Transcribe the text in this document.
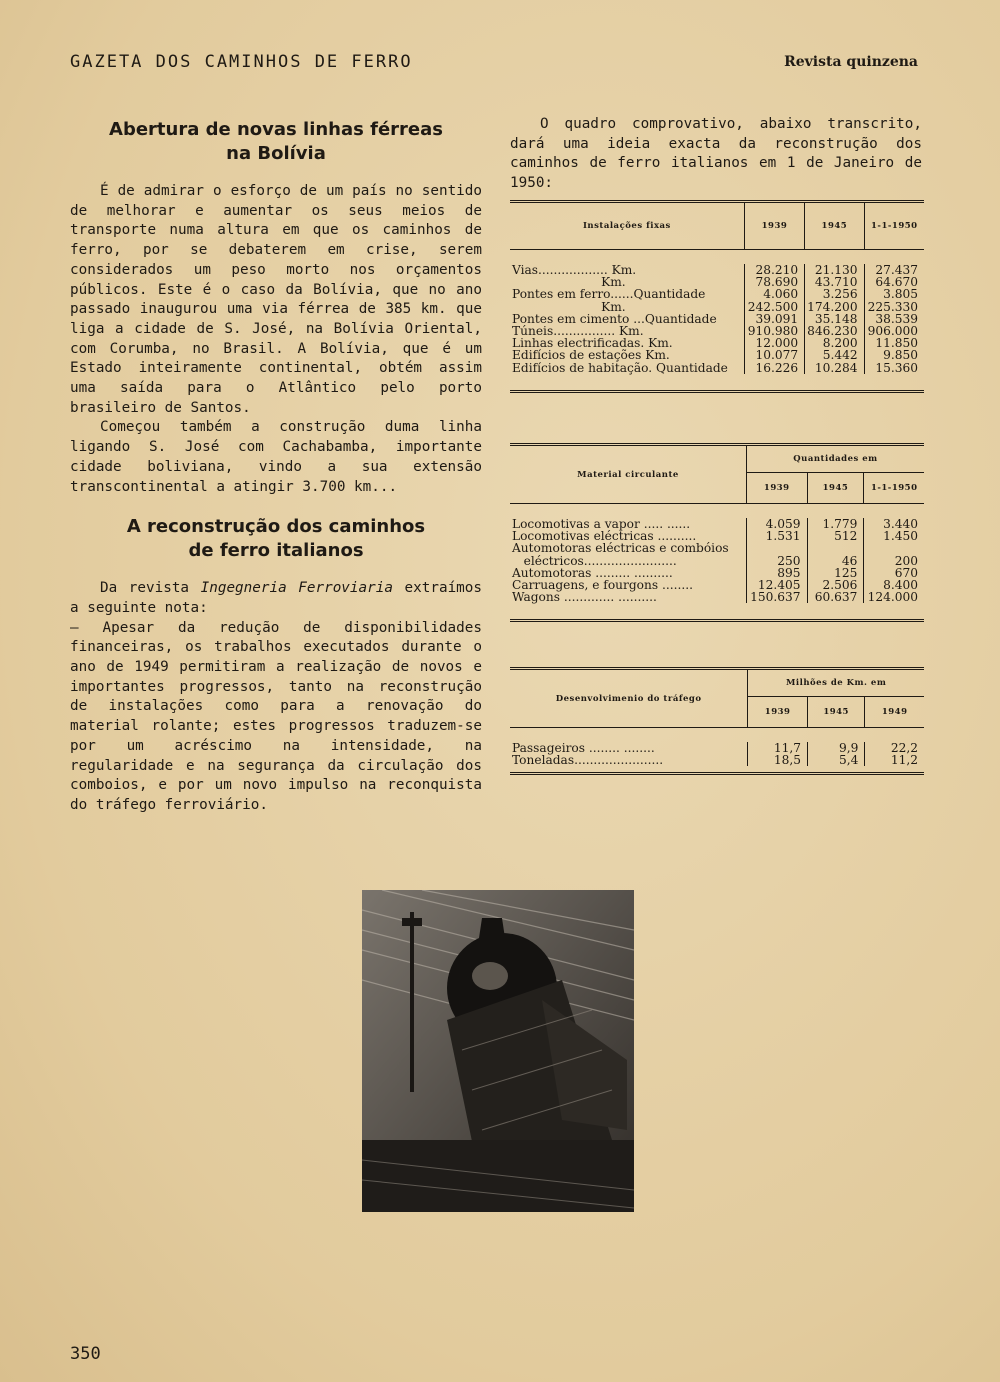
GAZETA DOS CAMINHOS DE FERRO	Revista quinzena

Abertura de novas linhas férreas

na Bolívia

É de admirar o esforço de um país no sentido de melhorar e aumentar os seus meios de transporte numa altura em que os caminhos de ferro, por se debaterem em crise, serem considerados um peso morto nos orçamentos públicos. Este é o caso da Bolívia, que no ano passado inaugurou uma via férrea de 385 km. que liga a cidade de S. José, na Bolívia Oriental, com Corumba, no Brasil. A Bolívia, que é um Estado inteiramente continental, obtém assim uma saída para o Atlântico pelo porto brasileiro de Santos.

Começou também a construção duma linha ligando S. José com Cachabamba, importante cidade boliviana, vindo a sua extensão transcontinental a atingir 3.700 km...

A reconstrução dos caminhos

de ferro italianos

Da revista Ingegneria Ferroviaria extraímos a seguinte nota:

— Apesar da redução de disponibilidades financeiras, os trabalhos executados durante o ano de 1949 permitiram a realização de novos e importantes progressos, tanto na reconstrução de instalações como para a renovação do material rolante; estes progressos traduzem-se por um acréscimo na intensidade, na regularidade e na segurança da circulação dos comboios, e por um novo impulso na reconquista do tráfego ferroviário.

O quadro comprovativo, abaixo transcrito, dará uma ideia exacta da reconstrução dos caminhos de ferro italianos em 1 de Janeiro de 1950:

Instalações fixas	1939	1945	1-1-1950

Vias.................. Km.	28.210	21.130	27.437
Km.	78.690	43.710	64.670
Pontes em ferro......Quantidade	4.060	3.256	3.805
Km.	242.500	174.200	225.330
Pontes em cimento ...Quantidade	39.091	35.148	38.539
Túneis................ Km.	910.980	846.230	906.000
Linhas electrificadas. Km.	12.000	8.200	11.850
Edifícios de estações Km.	10.077	5.442	9.850
Edifícios de habitação. Quantidade	16.226	10.284	15.360

Material circulante	Quantidades em		
	1939	1945	1-1-1950

Locomotivas a vapor ..... ......	4.059	1.779	3.440
Locomotivas eléctricas ..........	1.531	512	1.450
Automotoras eléctricas e combóios			
eléctricos........................	250	46	200
Automotoras ......... ..........	895	125	670
Carruagens, e fourgons ........	12.405	2.506	8.400
Wagons ............. ..........	150.637	60.637	124.000

Desenvolvimenio do tráfego	Milhões de Km. em		
	1939	1945	1949

Passageiros ........ ........	11,7	9,9	22,2
Toneladas.......................	18,5	5,4	11,2

350
